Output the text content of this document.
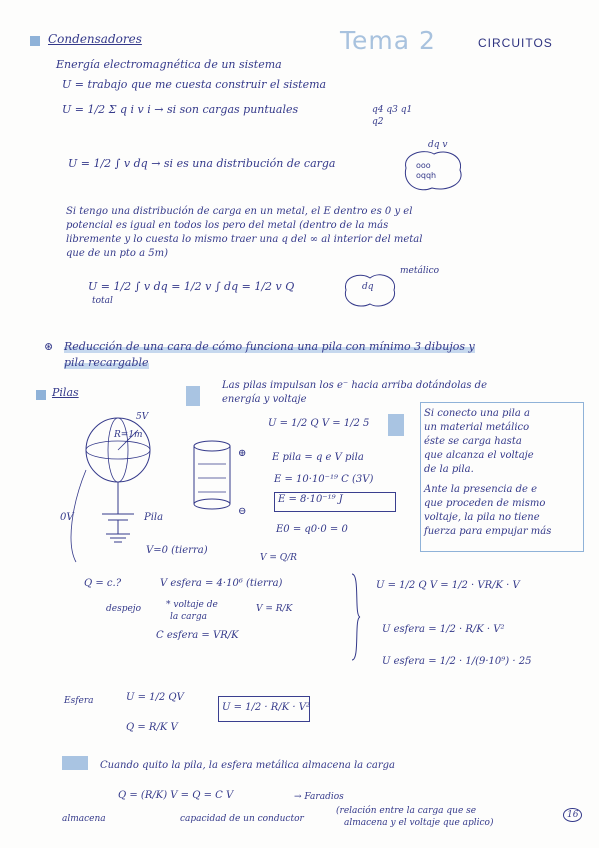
Condensadores	Tema 2	CIRCUITOS
Energía electromagnética de un sistema
U = trabajo que me cuesta construir el sistema
U = 1/2 Σ q i v i → si son cargas puntuales	q4 q3 q1 q2
U = 1/2 ∫ v dq → si es una distribución de carga	ooo
oqqh
dq v
Si tengo una distribución de carga en un metal, el E dentro es 0 y el
potencial es igual en todos los pero del metal (dentro de la más
libremente y lo cuesta lo mismo traer una q del ∞ al interior del metal
que de un pto a 5m)
U = 1/2 ∫ v dq = 1/2 v ∫ dq = 1/2 v Q
total
dq
metálico
⊛ Reducción de una cara de cómo funciona una pila con mínimo 3 dibujos y
pila recargable
Pilas
Las pilas impulsan los e⁻ hacia arriba dotándolas de
energía y voltaje
5V
R=1m
0V	Pila
V=0 (tierra)
⊕
⊖
U = 1/2 Q V = 1/2 5
E pila = q e V pila
E = 10·10⁻¹⁹ C (3V)
E = 8·10⁻¹⁹ J
E0 = q0·0 = 0
Si conecto una pila a
un material metálico
éste se carga hasta
que alcanza el voltaje
de la pila.
Ante la presencia de e
que proceden de mismo
voltaje, la pila no tiene
fuerza para empujar más
V = Q/R
Q = c.?	V esfera = 4·10⁶ (tierra)
despejo	* voltaje de
la carga
V = R/K
C esfera = VR/K
U = 1/2 Q V = 1/2 · VR/K · V
U esfera = 1/2 · R/K · V²
U esfera = 1/2 · 1/(9·10⁹) · 25
Esfera	U = 1/2 QV
Q = R/K V
U = 1/2 · R/K · V²
Cuando quito la pila, la esfera metálica almacena la carga
Q = (R/K) V = Q = C V	→ Faradios
almacena	capacidad de un conductor
(relación entre la carga que se
almacena y el voltaje que aplico)
16
